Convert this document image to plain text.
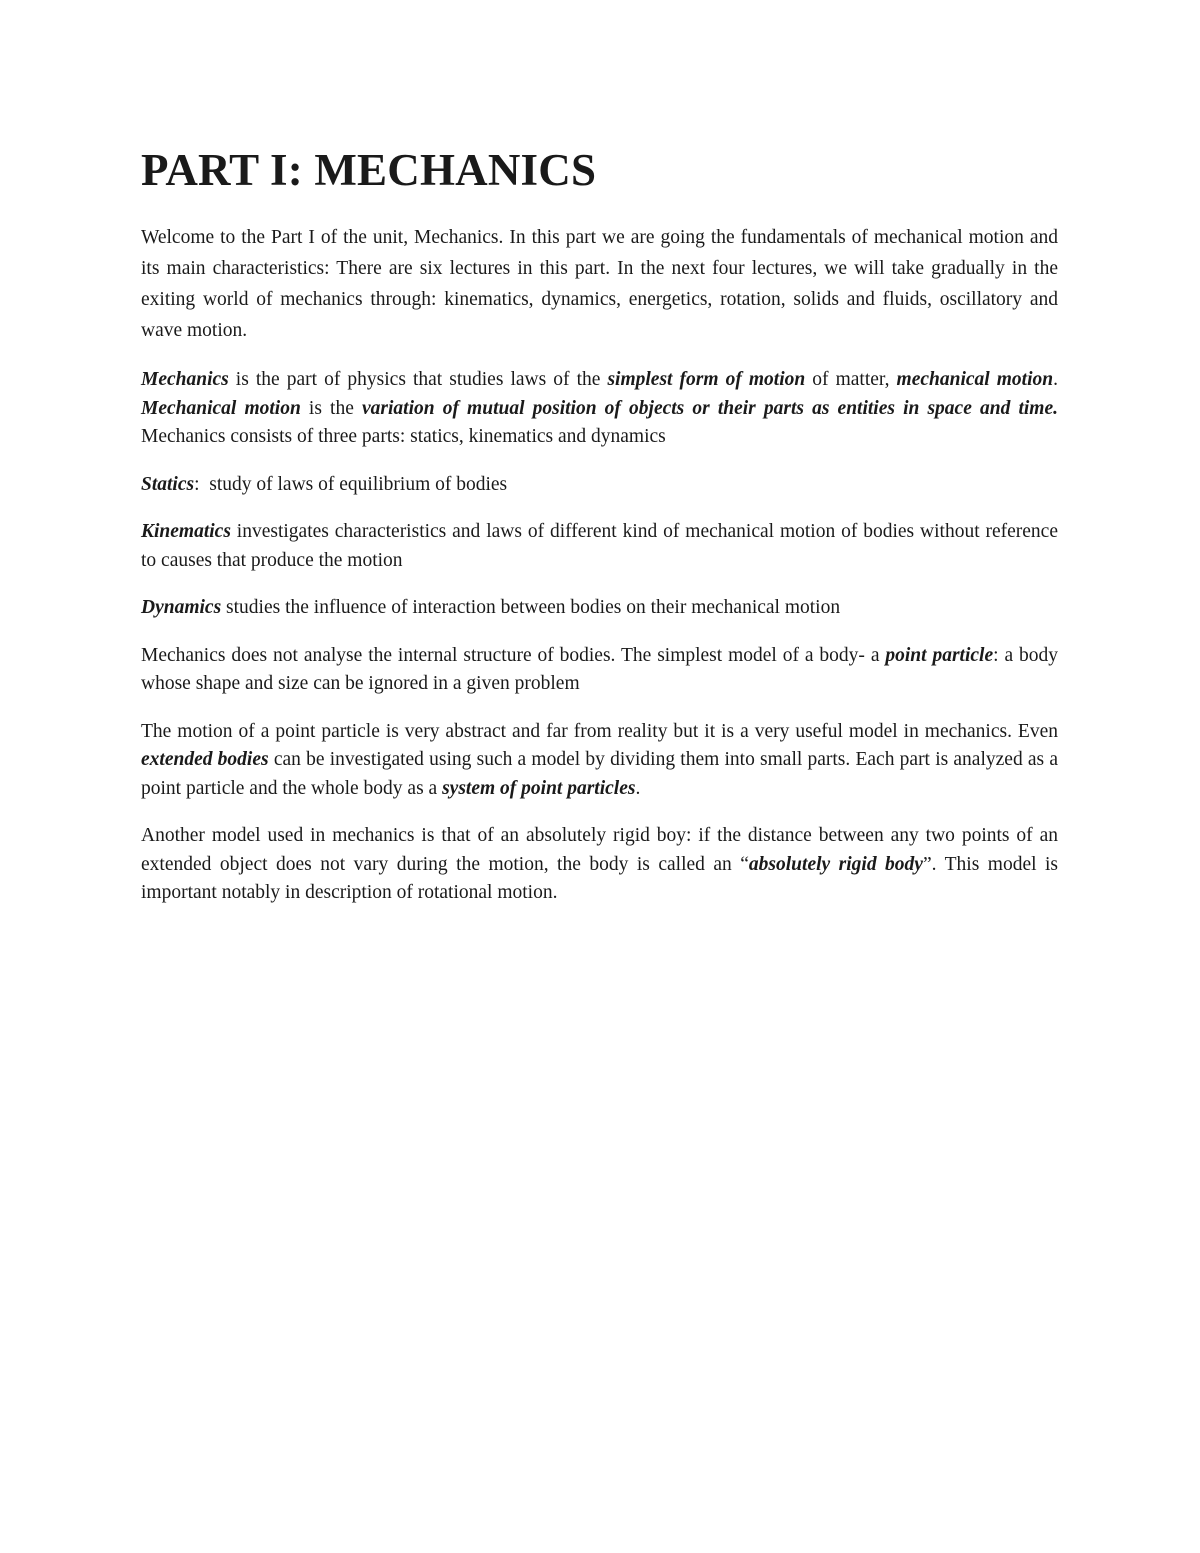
PART I: MECHANICS

Welcome to the Part I of the unit, Mechanics. In this part we are going the fundamentals of mechanical motion and its main characteristics: There are six lectures in this part. In the next four lectures, we will take gradually in the exiting world of mechanics through: kinematics, dynamics, energetics, rotation, solids and fluids, oscillatory and wave motion.

Mechanics is the part of physics that studies laws of the simplest form of motion of matter, mechanical motion. Mechanical motion is the variation of mutual position of objects or their parts as entities in space and time. Mechanics consists of three parts: statics, kinematics and dynamics

Statics:  study of laws of equilibrium of bodies

Kinematics investigates characteristics and laws of different kind of mechanical motion of bodies without reference to causes that produce the motion

Dynamics studies the influence of interaction between bodies on their mechanical motion

Mechanics does not analyse the internal structure of bodies. The simplest model of a body- a point particle: a body whose shape and size can be ignored in a given problem

The motion of a point particle is very abstract and far from reality but it is a very useful model in mechanics. Even extended bodies can be investigated using such a model by dividing them into small parts. Each part is analyzed as a point particle and the whole body as a system of point particles.

Another model used in mechanics is that of an absolutely rigid boy: if the distance between any two points of an extended object does not vary during the motion, the body is called an “absolutely rigid body”. This model is important notably in description of rotational motion.
